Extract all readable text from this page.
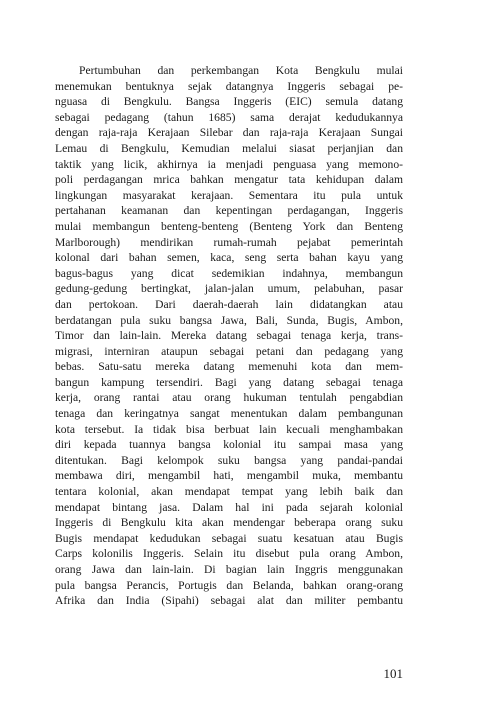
Pertumbuhan dan perkembangan Kota Bengkulu mulai
menemukan bentuknya sejak datangnya Inggeris sebagai pe-
nguasa di Bengkulu. Bangsa Inggeris (EIC) semula datang
sebagai pedagang (tahun 1685) sama derajat kedudukannya
dengan raja-raja Kerajaan Silebar dan raja-raja Kerajaan Sungai
Lemau di Bengkulu, Kemudian melalui siasat perjanjian dan
taktik yang licik, akhirnya ia menjadi penguasa yang memono-
poli perdagangan mrica bahkan mengatur tata kehidupan dalam
lingkungan masyarakat kerajaan. Sementara itu pula untuk
pertahanan keamanan dan kepentingan perdagangan, Inggeris
mulai membangun benteng-benteng (Benteng York dan Benteng
Marlborough) mendirikan rumah-rumah pejabat pemerintah
kolonal dari bahan semen, kaca, seng serta bahan kayu yang
bagus-bagus yang dicat sedemikian indahnya, membangun
gedung-gedung bertingkat, jalan-jalan umum, pelabuhan, pasar
dan pertokoan. Dari daerah-daerah lain didatangkan atau
berdatangan pula suku bangsa Jawa, Bali, Sunda, Bugis, Ambon,
Timor dan lain-lain. Mereka datang sebagai tenaga kerja, trans-
migrasi, interniran ataupun sebagai petani dan pedagang yang
bebas. Satu-satu mereka datang memenuhi kota dan mem-
bangun kampung tersendiri. Bagi yang datang sebagai tenaga
kerja, orang rantai atau orang hukuman tentulah pengabdian
tenaga dan keringatnya sangat menentukan dalam pembangunan
kota tersebut. Ia tidak bisa berbuat lain kecuali menghambakan
diri kepada tuannya bangsa kolonial itu sampai masa yang
ditentukan. Bagi kelompok suku bangsa yang pandai-pandai
membawa diri, mengambil hati, mengambil muka, membantu
tentara kolonial, akan mendapat tempat yang lebih baik dan
mendapat bintang jasa. Dalam hal ini pada sejarah kolonial
Inggeris di Bengkulu kita akan mendengar beberapa orang suku
Bugis mendapat kedudukan sebagai suatu kesatuan atau Bugis
Carps kolonilis Inggeris. Selain itu disebut pula orang Ambon,
orang Jawa dan lain-lain. Di bagian lain Inggris menggunakan
pula bangsa Perancis, Portugis dan Belanda, bahkan orang-orang
Afrika dan India (Sipahi) sebagai alat dan militer pembantu
101
